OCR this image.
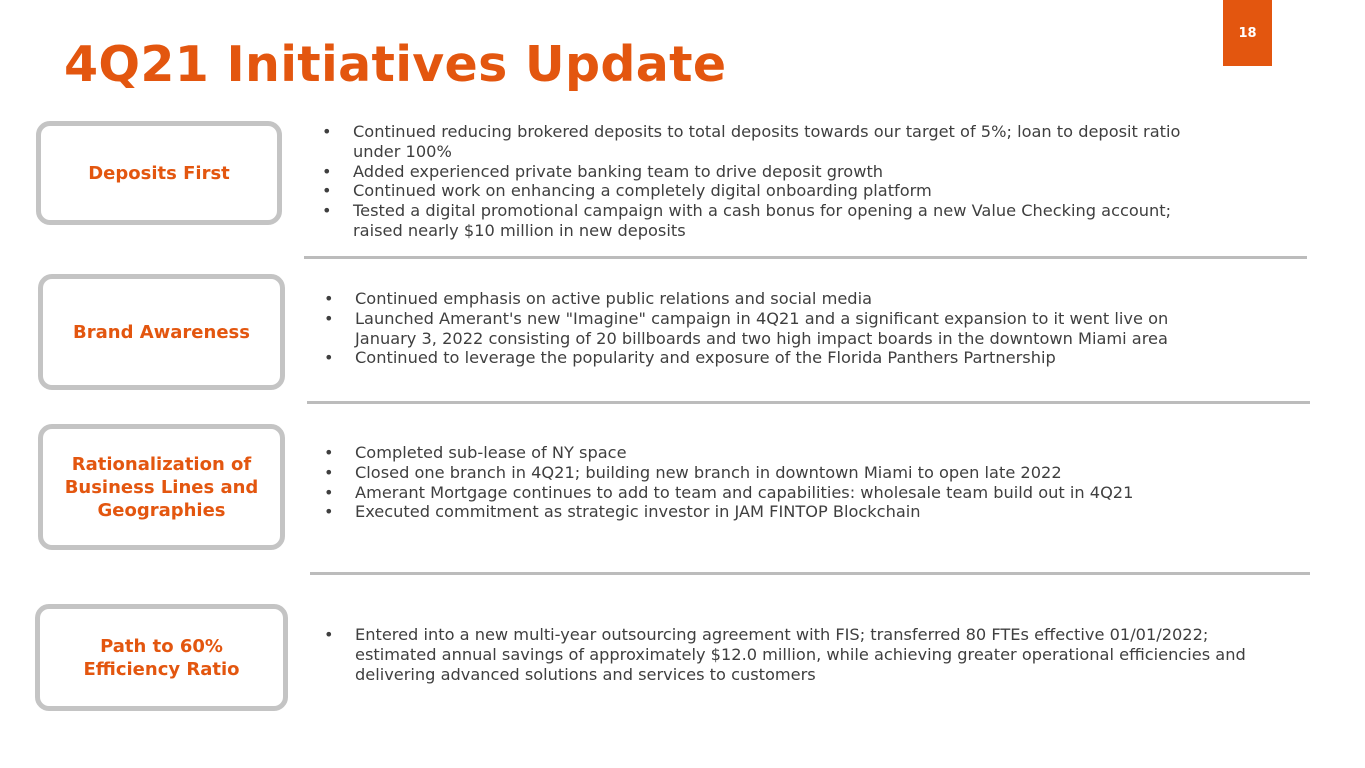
18
4Q21 Initiatives Update
Deposits First
• Continued reducing brokered deposits to total deposits towards our target of 5%; loan to deposit ratio
under 100%
• Added experienced private banking team to drive deposit growth
• Continued work on enhancing a completely digital onboarding platform
• Tested a digital promotional campaign with a cash bonus for opening a new Value Checking account;
raised nearly $10 million in new deposits
Brand Awareness
• Continued emphasis on active public relations and social media
• Launched Amerant's new "Imagine" campaign in 4Q21 and a significant expansion to it went live on
January 3, 2022 consisting of 20 billboards and two high impact boards in the downtown Miami area
• Continued to leverage the popularity and exposure of the Florida Panthers Partnership
Rationalization of
Business Lines and
Geographies
• Completed sub-lease of NY space
• Closed one branch in 4Q21; building new branch in downtown Miami to open late 2022
• Amerant Mortgage continues to add to team and capabilities: wholesale team build out in 4Q21
• Executed commitment as strategic investor in JAM FINTOP Blockchain
Path to 60%
Efficiency Ratio
• Entered into a new multi-year outsourcing agreement with FIS; transferred 80 FTEs effective 01/01/2022;
estimated annual savings of approximately $12.0 million, while achieving greater operational efficiencies and
delivering advanced solutions and services to customers
